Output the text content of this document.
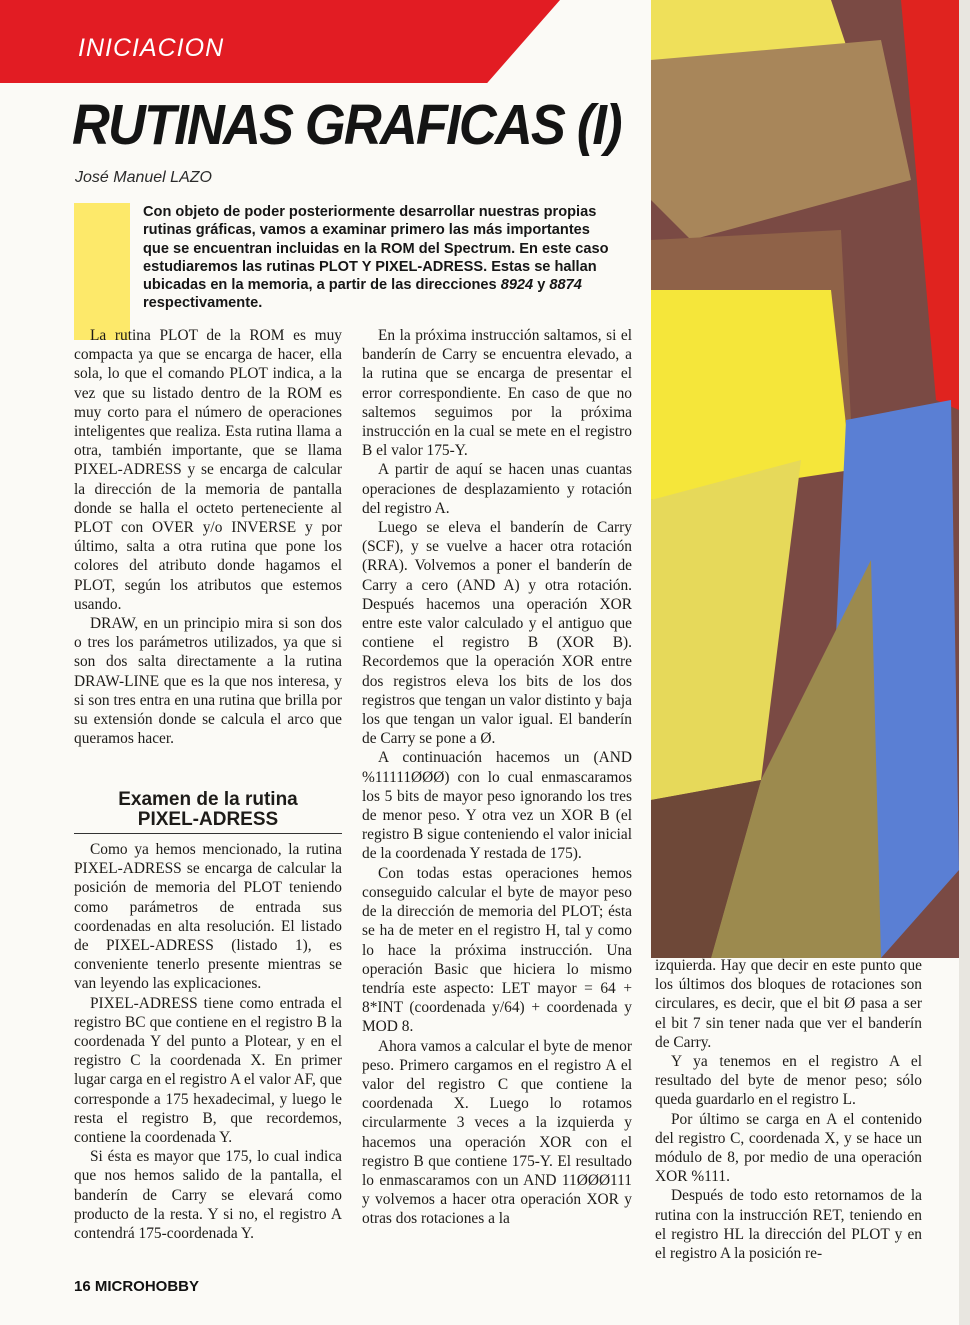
INICIACION
RUTINAS GRAFICAS (I)
José Manuel LAZO
Con objeto de poder posteriormente desarrollar nuestras propias rutinas gráficas, vamos a examinar primero las más importantes que se encuentran incluidas en la ROM del Spectrum. En este caso estudiaremos las rutinas PLOT Y PIXEL-ADRESS. Estas se hallan ubicadas en la memoria, a partir de las direcciones 8924 y 8874 respectivamente.

La rutina PLOT de la ROM es muy compacta ya que se encarga de hacer, ella sola, lo que el comando PLOT indica, a la vez que su listado dentro de la ROM es muy corto para el número de operaciones inteligentes que realiza. Esta rutina llama a otra, también importante, que se llama PIXEL-ADRESS y se encarga de calcular la dirección de la memoria de pantalla donde se halla el octeto perteneciente al PLOT con OVER y/o INVERSE y por último, salta a otra rutina que pone los colores del atributo donde hagamos el PLOT, según los atributos que estemos usando.

DRAW, en un principio mira si son dos o tres los parámetros utilizados, ya que si son dos salta directamente a la rutina DRAW-LINE que es la que nos interesa, y si son tres entra en una rutina que brilla por su extensión donde se calcula el arco que queramos hacer.

Examen de la rutina
PIXEL-ADRESS

Como ya hemos mencionado, la rutina PIXEL-ADRESS se encarga de calcular la posición de memoria del PLOT teniendo como parámetros de entrada sus coordenadas en alta resolución. El listado de PIXEL-ADRESS (listado 1), es conveniente tenerlo presente mientras se van leyendo las explicaciones.

PIXEL-ADRESS tiene como entrada el registro BC que contiene en el registro B la coordenada Y del punto a Plotear, y en el registro C la coordenada X. En primer lugar carga en el registro A el valor AF, que corresponde a 175 hexadecimal, y luego le resta el registro B, que recordemos, contiene la coordenada Y.

Si ésta es mayor que 175, lo cual indica que nos hemos salido de la pantalla, el banderín de Carry se elevará como producto de la resta. Y si no, el registro A contendrá 175-coordenada Y.

En la próxima instrucción saltamos, si el banderín de Carry se encuentra elevado, a la rutina que se encarga de presentar el error correspondiente. En caso de que no saltemos seguimos por la próxima instrucción en la cual se mete en el registro B el valor 175-Y.

A partir de aquí se hacen unas cuantas operaciones de desplazamiento y rotación del registro A.

Luego se eleva el banderín de Carry (SCF), y se vuelve a hacer otra rotación (RRA). Volvemos a poner el banderín de Carry a cero (AND A) y otra rotación. Después hacemos una operación XOR entre este valor calculado y el antiguo que contiene el registro B (XOR B). Recordemos que la operación XOR entre dos registros eleva los bits de los dos registros que tengan un valor distinto y baja los que tengan un valor igual. El banderín de Carry se pone a Ø.

A continuación hacemos un (AND %11111ØØØ) con lo cual enmascaramos los 5 bits de mayor peso ignorando los tres de menor peso. Y otra vez un XOR B (el registro B sigue conteniendo el valor inicial de la coordenada Y restada de 175).

Con todas estas operaciones hemos conseguido calcular el byte de mayor peso de la dirección de memoria del PLOT; ésta se ha de meter en el registro H, tal y como lo hace la próxima instrucción. Una operación Basic que hiciera lo mismo tendría este aspecto: LET mayor = 64 + 8*INT (coordenada y/64) + coordenada y MOD 8.

Ahora vamos a calcular el byte de menor peso. Primero cargamos en el registro A el valor del registro C que contiene la coordenada X. Luego lo rotamos circularmente 3 veces a la izquierda y hacemos una operación XOR con el registro B que contiene 175-Y. El resultado lo enmascaramos con un AND 11ØØØ111 y volvemos a hacer otra operación XOR y otras dos rotaciones a la

izquierda. Hay que decir en este punto que los últimos dos bloques de rotaciones son circulares, es decir, que el bit Ø pasa a ser el bit 7 sin tener nada que ver el banderín de Carry.

Y ya tenemos en el registro A el resultado del byte de menor peso; sólo queda guardarlo en el registro L.

Por último se carga en A el contenido del registro C, coordenada X, y se hace un módulo de 8, por medio de una operación XOR %111.

Después de todo esto retornamos de la rutina con la instrucción RET, teniendo en el registro HL la dirección del PLOT y en el registro A la posición re-

16 MICROHOBBY
